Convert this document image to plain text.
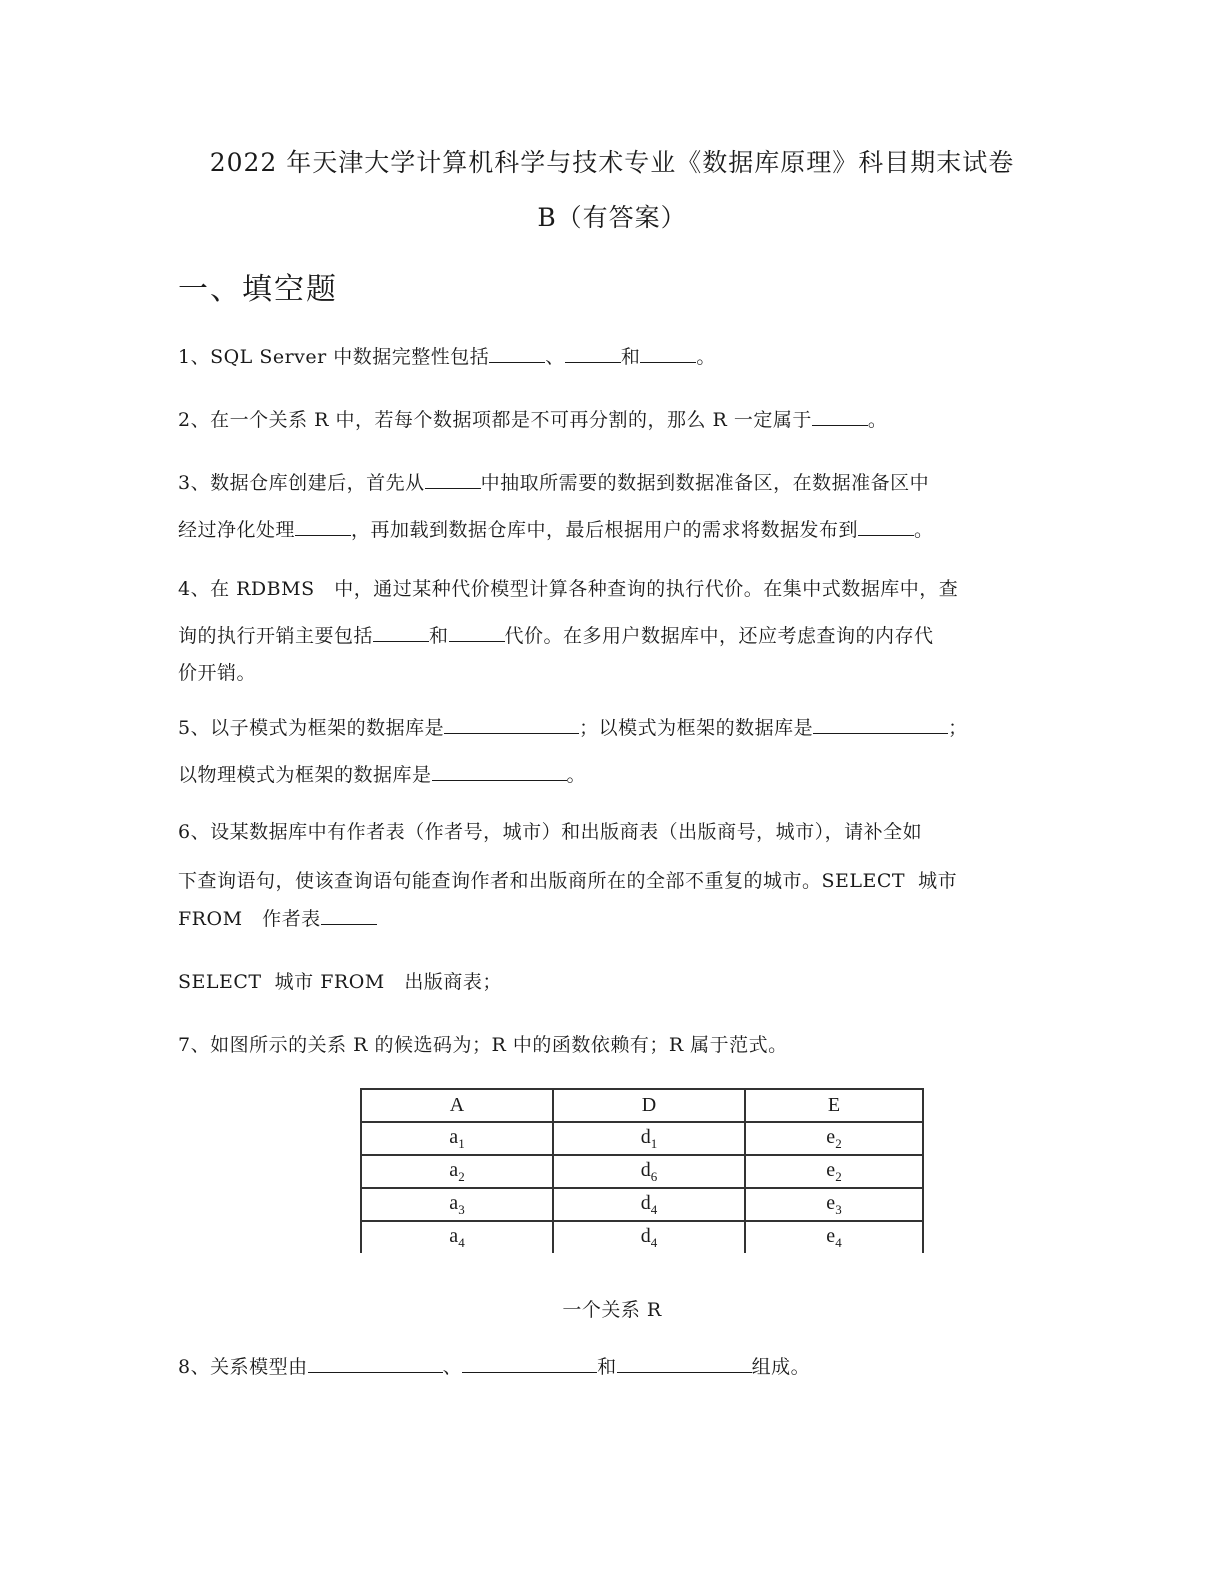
2022 年天津大学计算机科学与技术专业《数据库原理》科目期末试卷
B（有答案）
一、填空题
1、SQL Server 中数据完整性包括	、	和	。
2、在一个关系 R 中，若每个数据项都是不可再分割的，那么 R 一定属于	。
3、数据仓库创建后，首先从	中抽取所需要的数据到数据准备区，在数据准备区中
经过净化处理	，再加载到数据仓库中，最后根据用户的需求将数据发布到	。
4、在 RDBMS   中，通过某种代价模型计算各种查询的执行代价。在集中式数据库中，查
询的执行开销主要包括	和	代价。在多用户数据库中，还应考虑查询的内存代
价开销。
5、以子模式为框架的数据库是	；以模式为框架的数据库是	；
以物理模式为框架的数据库是	。
6、设某数据库中有作者表（作者号，城市）和出版商表（出版商号，城市），请补全如
下查询语句，使该查询语句能查询作者和出版商所在的全部不重复的城市。SELECT  城市
FROM   作者表
SELECT  城市 FROM   出版商表；
7、如图所示的关系 R 的候选码为；R 中的函数依赖有；R 属于范式。
A	D	E
$a_1$	$d_1$	$e_2$
$a_2$	$d_6$	$e_2$
$a_3$	$d_4$	$e_3$
$a_4$	$d_4$	$e_4$
一个关系 R
8、关系模型由	、	和	组成。
